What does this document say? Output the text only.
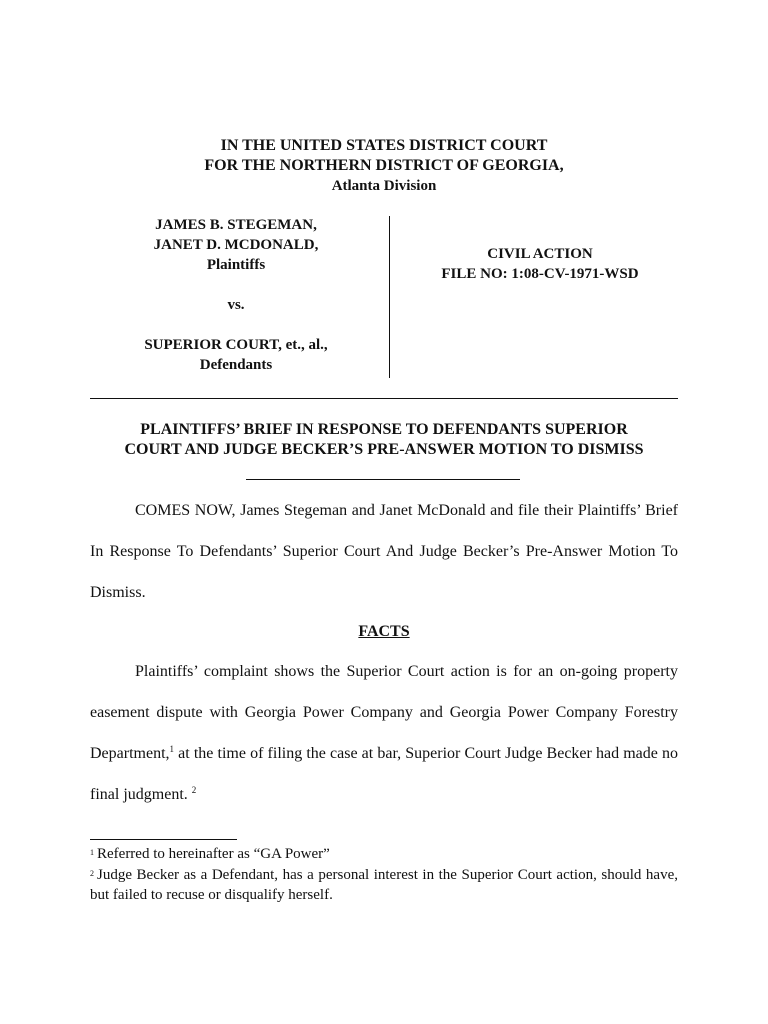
IN THE UNITED STATES DISTRICT COURT
FOR THE NORTHERN DISTRICT OF GEORGIA,
Atlanta Division
JAMES B. STEGEMAN,
JANET D. MCDONALD,
Plaintiffs
vs.
SUPERIOR COURT, et., al.,
Defendants
CIVIL ACTION
FILE NO: 1:08-CV-1971-WSD
PLAINTIFFS’ BRIEF IN RESPONSE TO DEFENDANTS SUPERIOR
COURT AND JUDGE BECKER’S PRE-ANSWER MOTION TO DISMISS
COMES NOW, James Stegeman and Janet McDonald and file their Plaintiffs’ Brief In Response To Defendants’ Superior Court And Judge Becker’s Pre-Answer Motion To Dismiss.
FACTS
Plaintiffs’ complaint shows the Superior Court action is for an on-going property easement dispute with Georgia Power Company and Georgia Power Company Forestry Department,$^1$ at the time of filing the case at bar, Superior Court Judge Becker had made no final judgment. $^2$
$^1$ Referred to hereinafter as “GA Power”
$^2$ Judge Becker as a Defendant, has a personal interest in the Superior Court action, should have, but failed to recuse or disqualify herself.
